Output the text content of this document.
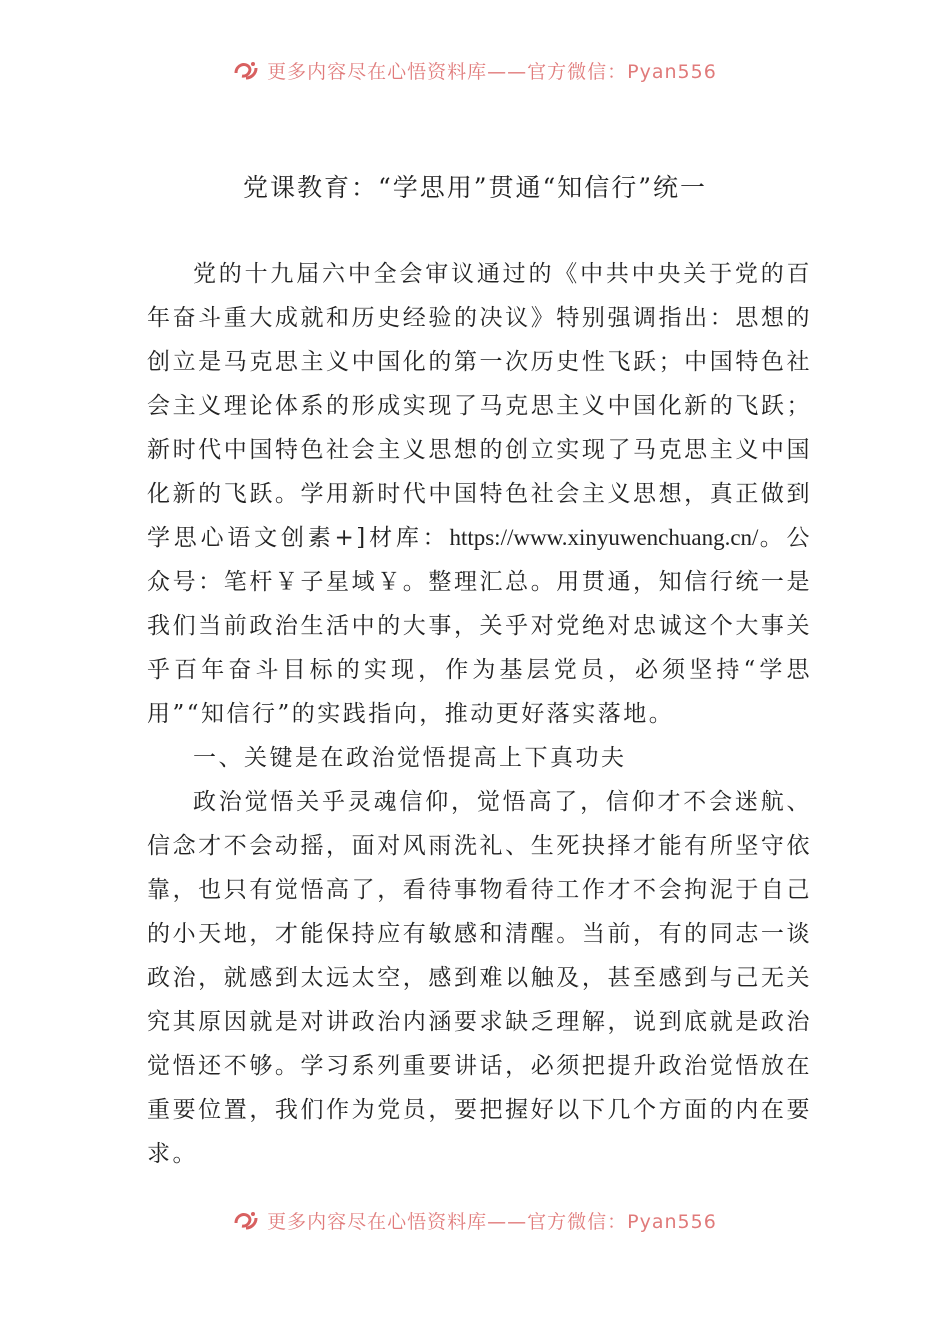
更多内容尽在心悟资料库——官方微信：Pyan556
党课教育：“学思用”贯通“知信行”统一

党的十九届六中全会审议通过的《中共中央关于党的百年奋斗重大成就和历史经验的决议》特别强调指出：思想的创立是马克思主义中国化的第一次历史性飞跃；中国特色社会主义理论体系的形成实现了马克思主义中国化新的飞跃；新时代中国特色社会主义思想的创立实现了马克思主义中国化新的飞跃。学用新时代中国特色社会主义思想，真正做到学思心语文创素+]材库：https://www.xinyuwenchuang.cn/。公众号：笔杆￥子星域￥。整理汇总。用贯通，知信行统一是我们当前政治生活中的大事，关乎对党绝对忠诚这个大事关乎百年奋斗目标的实现，作为基层党员，必须坚持“学思用”“知信行”的实践指向，推动更好落实落地。

一、关键是在政治觉悟提高上下真功夫

政治觉悟关乎灵魂信仰，觉悟高了，信仰才不会迷航、信念才不会动摇，面对风雨洗礼、生死抉择才能有所坚守依靠，也只有觉悟高了，看待事物看待工作才不会拘泥于自己的小天地，才能保持应有敏感和清醒。当前，有的同志一谈政治，就感到太远太空，感到难以触及，甚至感到与己无关究其原因就是对讲政治内涵要求缺乏理解，说到底就是政治觉悟还不够。学习系列重要讲话，必须把提升政治觉悟放在重要位置，我们作为党员，要把握好以下几个方面的内在要求。

更多内容尽在心悟资料库——官方微信：Pyan556
